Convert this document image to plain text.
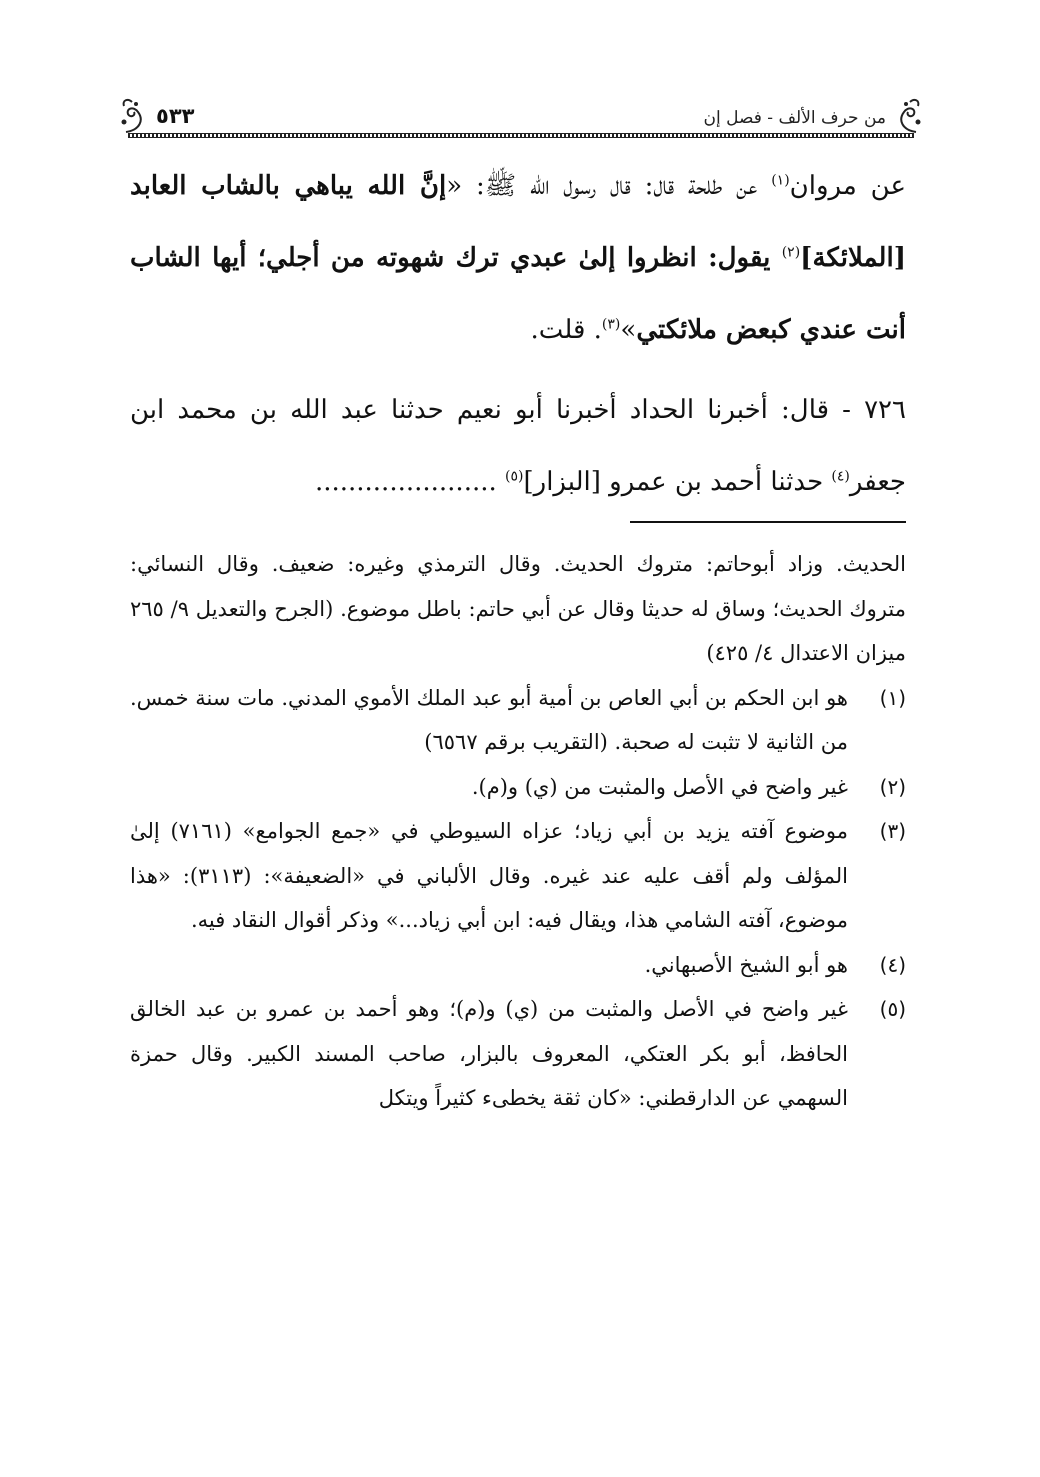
من حرف الألف - فصل إن
٥٣٣

عن مروان$^{(١)}$ عن طلحة قال: قال رسول الله ﷺ: «إنَّ الله يباهي بالشاب العابد [الملائكة]$^{(٢)}$ يقول: انظروا إلىٰ عبدي ترك شهوته من أجلي؛ أيها الشاب أنت عندي كبعض ملائكتي»$^{(٣)}$. قلت.

٧٢٦ - قال: أخبرنا الحداد أخبرنا أبو نعيم حدثنا عبد الله بن محمد ابن جعفر$^{(٤)}$ حدثنا أحمد بن عمرو [البزار]$^{(٥)}$ ......................

الحديث. وزاد أبوحاتم: متروك الحديث. وقال الترمذي وغيره: ضعيف. وقال النسائي: متروك الحديث؛ وساق له حديثا وقال عن أبي حاتم: باطل موضوع. (الجرح والتعديل ٩/ ٢٦٥ ميزان الاعتدال ٤/ ٤٢٥)

(١)
هو ابن الحكم بن أبي العاص بن أمية أبو عبد الملك الأموي المدني. مات سنة خمس. من الثانية لا تثبت له صحبة. (التقريب برقم ٦٥٦٧)
(٢)
غير واضح في الأصل والمثبت من (ي) و(م).
(٣)
موضوع آفته يزيد بن أبي زياد؛ عزاه السيوطي في «جمع الجوامع» (٧١٦١) إلىٰ المؤلف ولم أقف عليه عند غيره. وقال الألباني في «الضعيفة»: (٣١١٣): «هذا موضوع، آفته الشامي هذا، ويقال فيه: ابن أبي زياد...» وذكر أقوال النقاد فيه.
(٤)
هو أبو الشيخ الأصبهاني.
(٥)
غير واضح في الأصل والمثبت من (ي) و(م)؛ وهو أحمد بن عمرو بن عبد الخالق الحافظ، أبو بكر العتكي، المعروف بالبزار، صاحب المسند الكبير. وقال حمزة السهمي عن الدارقطني: «كان ثقة يخطىء كثيراً ويتكل
